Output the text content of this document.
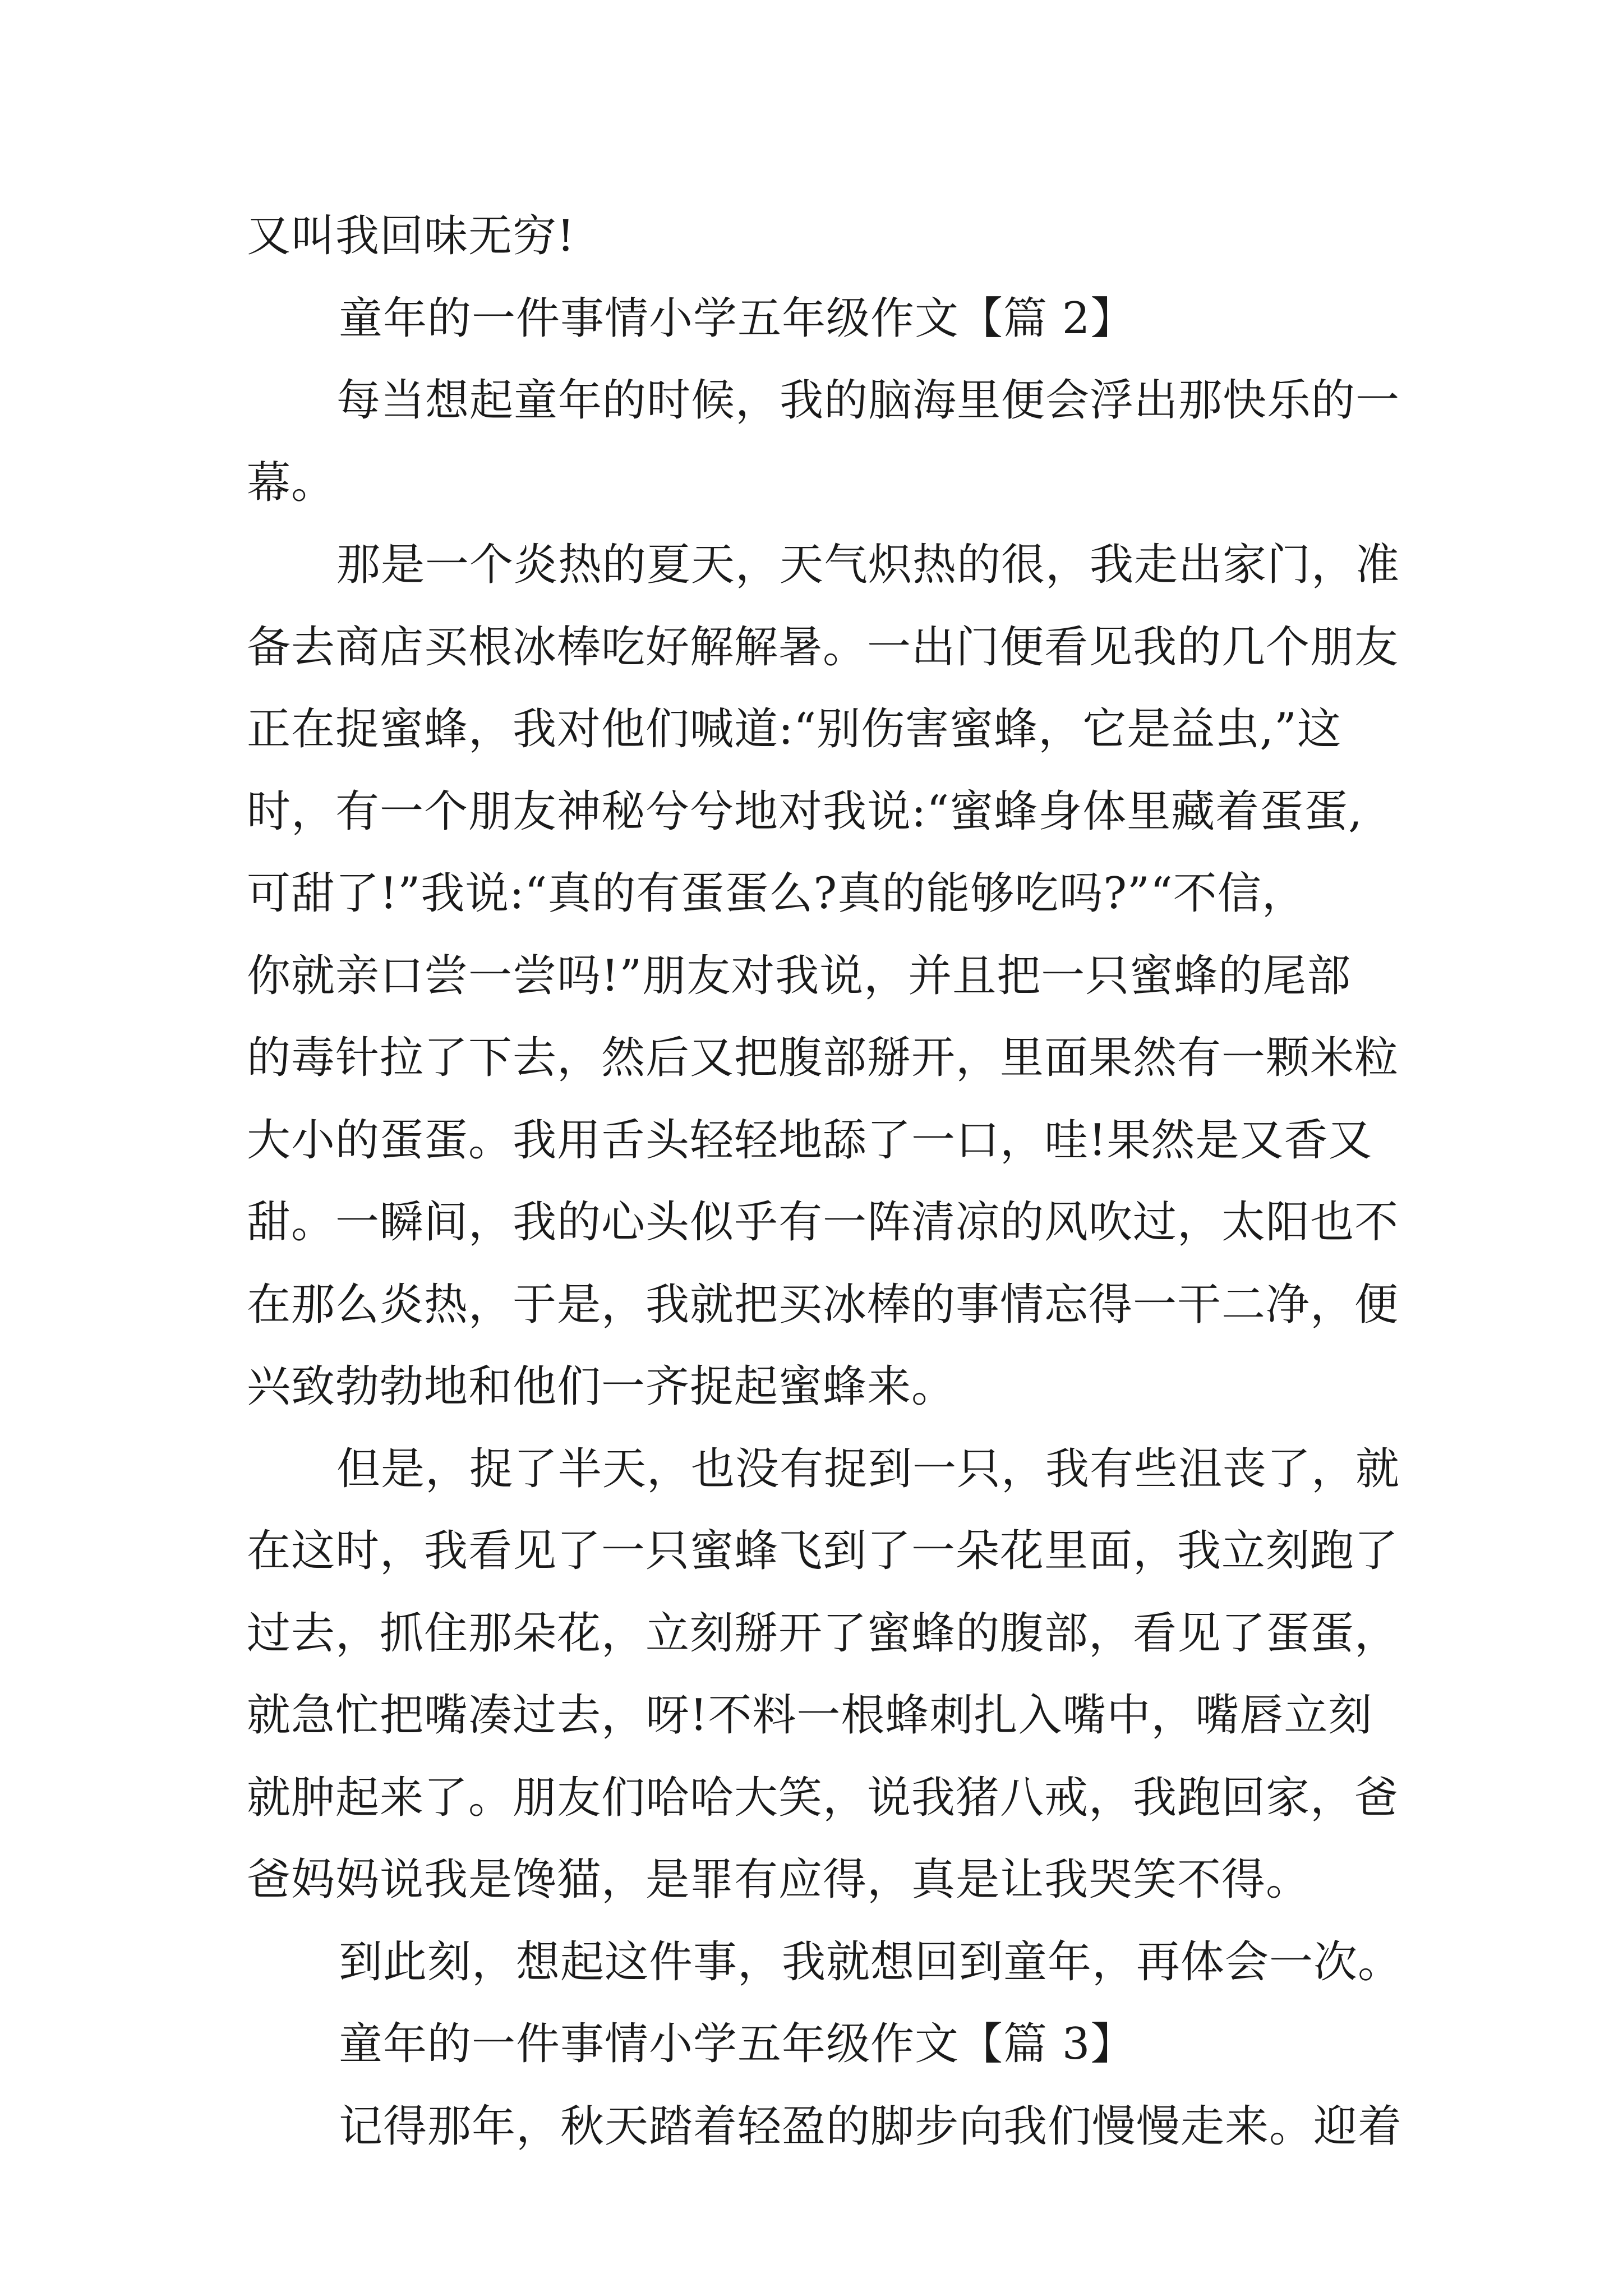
又叫我回味无穷!
童年的一件事情小学五年级作文【篇 2】
每当想起童年的时候，我的脑海里便会浮出那快乐的一
幕。
那是一个炎热的夏天，天气炽热的很，我走出家门，准
备去商店买根冰棒吃好解解暑。一出门便看见我的几个朋友
正在捉蜜蜂，我对他们喊道:“别伤害蜜蜂，它是益虫,”这
时，有一个朋友神秘兮兮地对我说:“蜜蜂身体里藏着蛋蛋,
可甜了!”我说:“真的有蛋蛋么?真的能够吃吗?”“不信，
你就亲口尝一尝吗!”朋友对我说，并且把一只蜜蜂的尾部
的毒针拉了下去，然后又把腹部掰开，里面果然有一颗米粒
大小的蛋蛋。我用舌头轻轻地舔了一口，哇!果然是又香又
甜。一瞬间，我的心头似乎有一阵清凉的风吹过，太阳也不
在那么炎热，于是，我就把买冰棒的事情忘得一干二净，便
兴致勃勃地和他们一齐捉起蜜蜂来。
但是，捉了半天，也没有捉到一只，我有些沮丧了，就
在这时，我看见了一只蜜蜂飞到了一朵花里面，我立刻跑了
过去，抓住那朵花，立刻掰开了蜜蜂的腹部，看见了蛋蛋，
就急忙把嘴凑过去，呀!不料一根蜂刺扎入嘴中，嘴唇立刻
就肿起来了。朋友们哈哈大笑，说我猪八戒，我跑回家，爸
爸妈妈说我是馋猫，是罪有应得，真是让我哭笑不得。
到此刻，想起这件事，我就想回到童年，再体会一次。
童年的一件事情小学五年级作文【篇 3】
记得那年，秋天踏着轻盈的脚步向我们慢慢走来。迎着
